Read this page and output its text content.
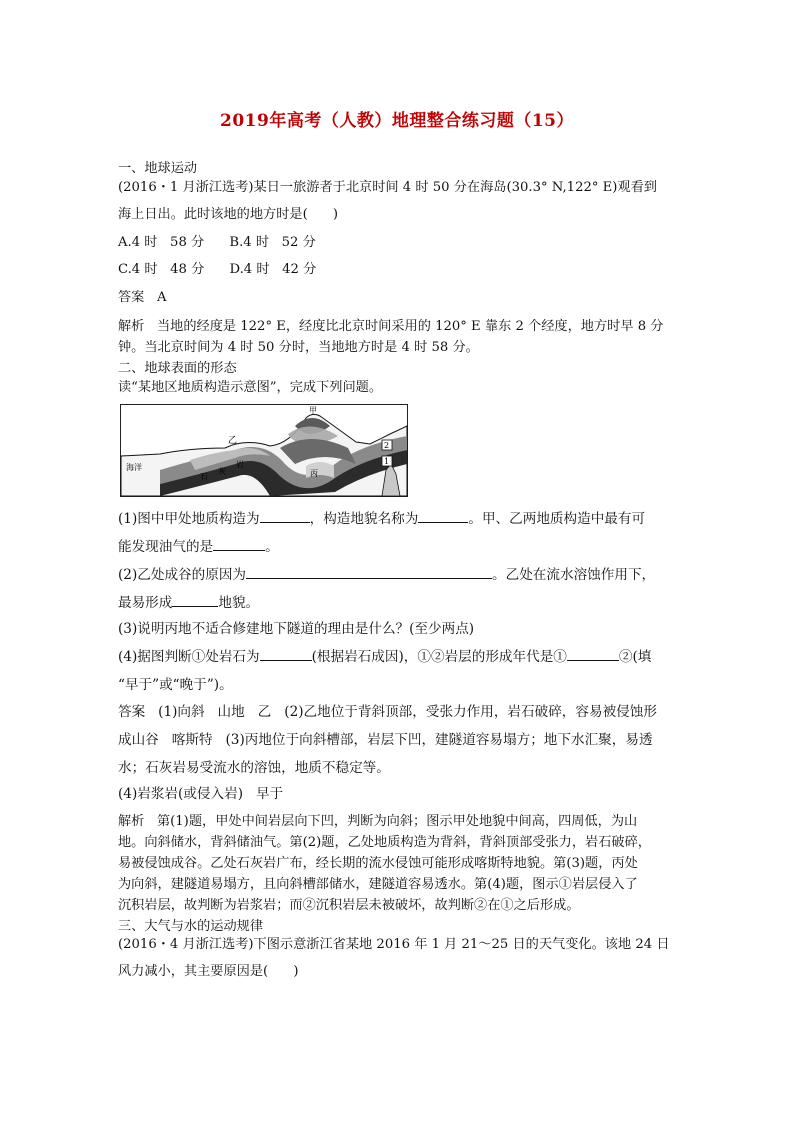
2019年高考（人教）地理整合练习题（15）

一、地球运动

(2016・1 月浙江选考)某日一旅游者于北京时间 4 时 50 分在海岛(30.3° N,122° E)观看到

海上日出。此时该地的地方时是(      )

A.4 时   58 分      B.4 时   52 分

C.4 时   48 分      D.4 时   42 分

答案   A

解析   当地的经度是 122° E，经度比北京时间采用的 120° E 靠东 2 个经度，地方时早 8 分

钟。当北京时间为 4 时 50 分时，当地地方时是 4 时 58 分。

二、地球表面的形态

读“某地区地质构造示意图”，完成下列问题。

甲
乙
丙
海洋
石
灰
岩
2
1

(1)图中甲处地质构造为	，构造地貌名称为	。甲、乙两地质构造中最有可

能发现油气的是	。

(2)乙处成谷的原因为	。乙处在流水溶蚀作用下，

最易形成	地貌。

(3)说明丙地不适合修建地下隧道的理由是什么？(至少两点)

(4)据图判断①处岩石为	(根据岩石成因)，①②岩层的形成年代是①	②(填

“早于”或“晚于”)。

答案   (1)向斜   山地   乙   (2)乙地位于背斜顶部，受张力作用，岩石破碎，容易被侵蚀形

成山谷   喀斯特   (3)丙地位于向斜槽部，岩层下凹，建隧道容易塌方；地下水汇聚，易透

水；石灰岩易受流水的溶蚀，地质不稳定等。

(4)岩浆岩(或侵入岩)   早于

解析   第(1)题，甲处中间岩层向下凹，判断为向斜；图示甲处地貌中间高，四周低，为山

地。向斜储水，背斜储油气。第(2)题，乙处地质构造为背斜，背斜顶部受张力，岩石破碎，

易被侵蚀成谷。乙处石灰岩广布，经长期的流水侵蚀可能形成喀斯特地貌。第(3)题，丙处

为向斜，建隧道易塌方，且向斜槽部储水，建隧道容易透水。第(4)题，图示①岩层侵入了

沉积岩层，故判断为岩浆岩；而②沉积岩层未被破坏，故判断②在①之后形成。

三、大气与水的运动规律

(2016・4 月浙江选考)下图示意浙江省某地 2016 年 1 月 21～25 日的天气变化。该地 24 日

风力减小，其主要原因是(      )
